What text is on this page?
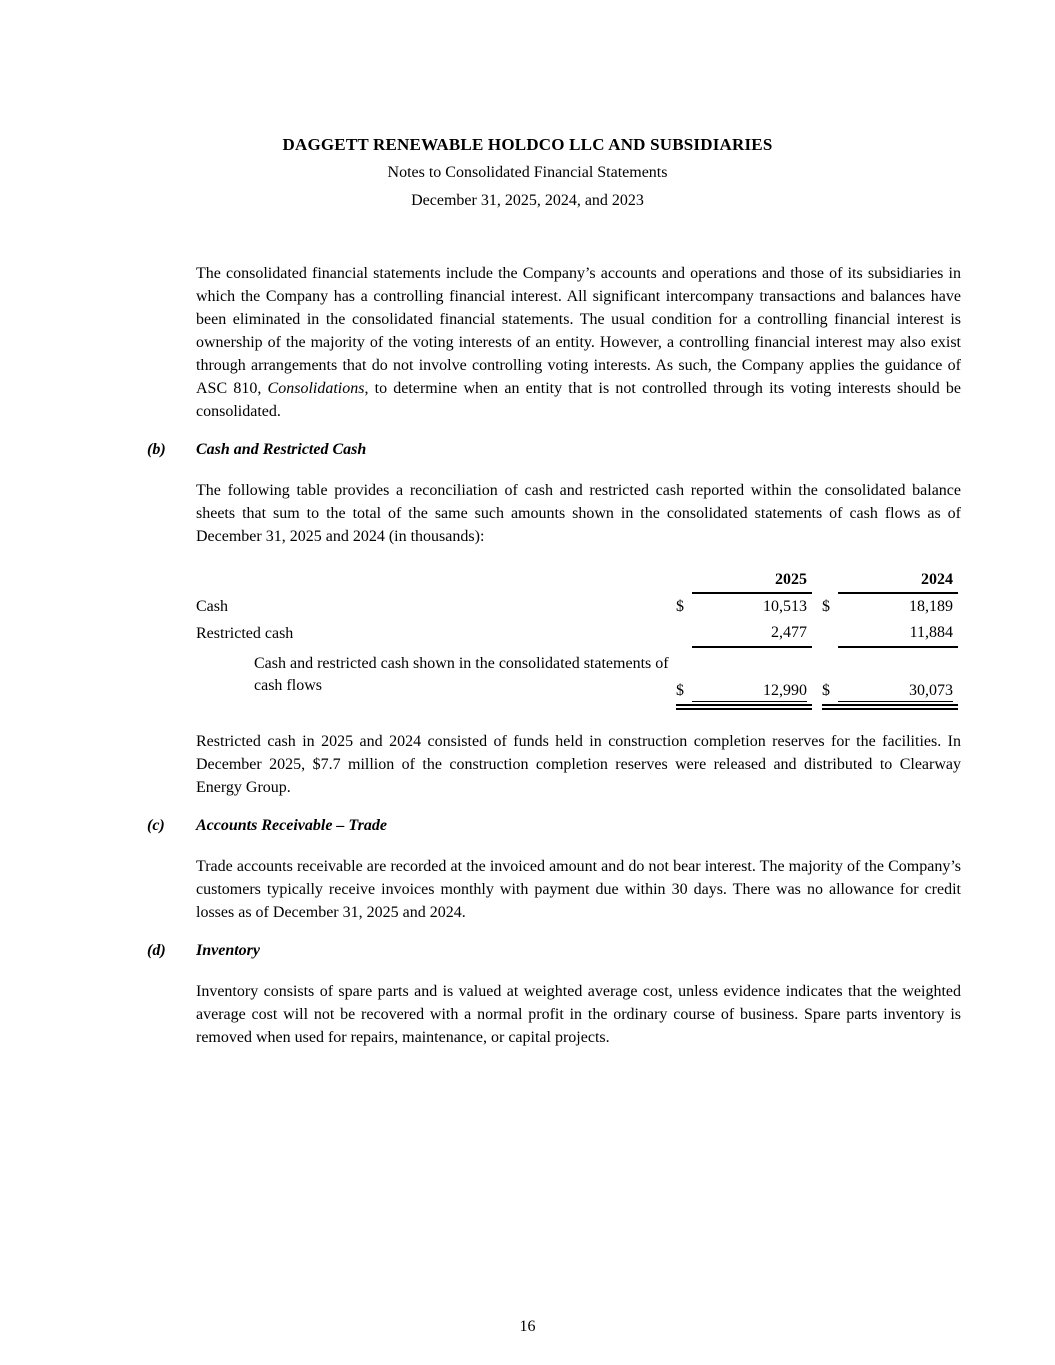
DAGGETT RENEWABLE HOLDCO LLC AND SUBSIDIARIES
Notes to Consolidated Financial Statements
December 31, 2025, 2024, and 2023

The consolidated financial statements include the Company’s accounts and operations and those of its subsidiaries in which the Company has a controlling financial interest. All significant intercompany transactions and balances have been eliminated in the consolidated financial statements. The usual condition for a controlling financial interest is ownership of the majority of the voting interests of an entity. However, a controlling financial interest may also exist through arrangements that do not involve controlling voting interests. As such, the Company applies the guidance of ASC 810, Consolidations, to determine when an entity that is not controlled through its voting interests should be consolidated.

(b)	Cash and Restricted Cash

The following table provides a reconciliation of cash and restricted cash reported within the consolidated balance sheets that sum to the total of the same such amounts shown in the consolidated statements of cash flows as of December 31, 2025 and 2024 (in thousands):

		2025			2024
Cash	$	10,513		$	18,189
Restricted cash		2,477			11,884
Cash and restricted cash shown in the consolidated statements of cash flows	$	12,990		$	30,073

Restricted cash in 2025 and 2024 consisted of funds held in construction completion reserves for the facilities. In December 2025, $7.7 million of the construction completion reserves were released and distributed to Clearway Energy Group.

(c)	Accounts Receivable – Trade

Trade accounts receivable are recorded at the invoiced amount and do not bear interest. The majority of the Company’s customers typically receive invoices monthly with payment due within 30 days. There was no allowance for credit losses as of December 31, 2025 and 2024.

(d)	Inventory

Inventory consists of spare parts and is valued at weighted average cost, unless evidence indicates that the weighted average cost will not be recovered with a normal profit in the ordinary course of business. Spare parts inventory is removed when used for repairs, maintenance, or capital projects.

16
